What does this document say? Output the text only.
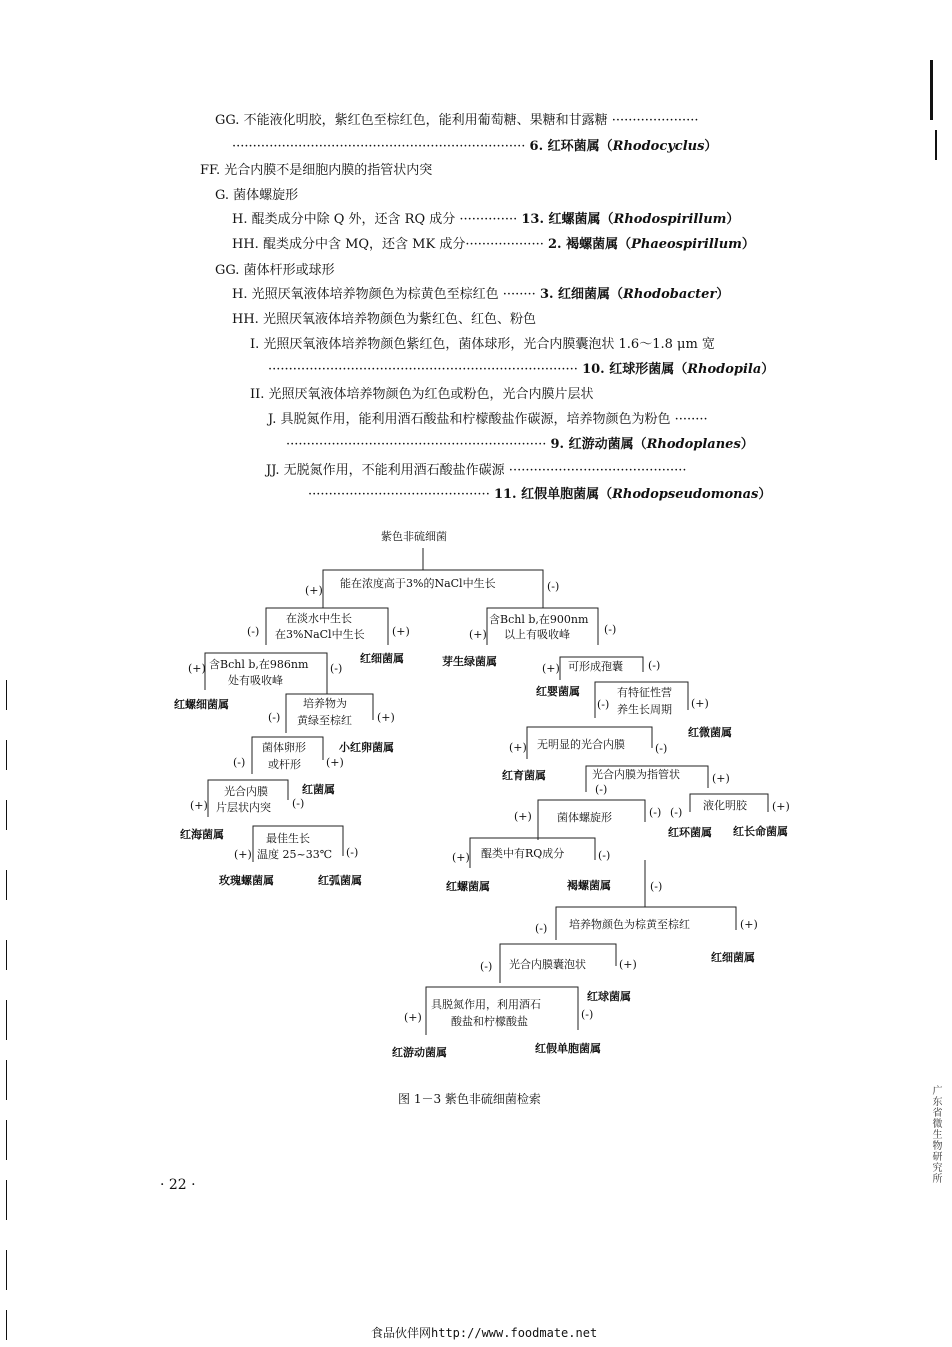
GG. 不能液化明胶，紫红色至棕红色，能利用葡萄糖、果糖和甘露糖 ·····················
······································································· 6. 红环菌属（Rhodocyclus）
FF. 光合内膜不是细胞内膜的指管状内突
G. 菌体螺旋形
H. 醌类成分中除 Q 外，还含 RQ 成分 ·············· 13. 红螺菌属（Rhodospirillum）
HH. 醌类成分中含 MQ，还含 MK 成分··················· 2. 褐螺菌属（Phaeospirillum）
GG. 菌体杆形或球形
H. 光照厌氧液体培养物颜色为棕黄色至棕红色 ········ 3. 红细菌属（Rhodobacter）
HH. 光照厌氧液体培养物颜色为紫红色、红色、粉色
I. 光照厌氧液体培养物颜色紫红色，菌体球形，光合内膜囊泡状 1.6～1.8 μm 宽
··········································································· 10. 红球形菌属（Rhodopila）
II. 光照厌氧液体培养物颜色为红色或粉色，光合内膜片层状
J. 具脱氮作用，能利用酒石酸盐和柠檬酸盐作碳源，培养物颜色为粉色 ········
······························································· 9. 红游动菌属（Rhodoplanes）
JJ. 无脱氮作用，不能利用酒石酸盐作碳源 ···········································
············································ 11. 红假单胞菌属（Rhodopseudomonas）
紫色非硫细菌
能在浓度高于3%的NaCl中生长
(+)	(-)
在淡水中生长
在3%NaCl中生长
(-)	(+)
含Bchl b,在900nm
以上有吸收峰
(+)	(-)
红细菌属	芽生绿菌属
含Bchl b,在986nm
处有吸收峰
(+)	(-)	(+) 可形成孢囊 (-)
红螺细菌属
红婴菌属
培养物为
黄绿至棕红
(-)	(+)
有特征性营
养生长周期
(-)	(+)
红微菌属
菌体卵形
或杆形
(-)	(+)
小红卵菌属	(+) 无明显的光合内膜	(-)
红育菌属	光合内膜为指管状
(-)
(+)
红菌属
光合内膜
片层状内突
(+)	(-)
(+) 菌体螺旋形	(-) (-)
液化明胶 (+)
红海菌属	最佳生长
温度 25~33℃
(+)	(-)
红环菌属 红长命菌属
(+) 醌类中有RQ成分	(-)
玫瑰螺菌属	红弧菌属	红螺菌属	褐螺菌属	(-)
(-) 培养物颜色为棕黄至棕红	(+)
红细菌属
(-) 光合内膜囊泡状	(+)
红球菌属
具脱氮作用，利用酒石
酸盐和柠檬酸盐
(+)	(-)
红游动菌属	红假单胞菌属
图 1－3 紫色非硫细菌检索
· 22 ·
食品伙伴网http://www.foodmate.net
广东省微生物研究所
